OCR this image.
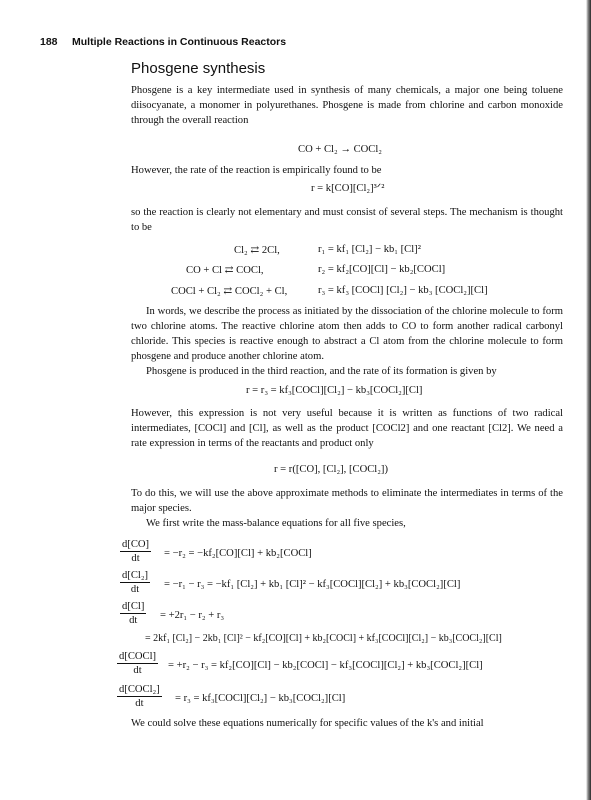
188 Multiple Reactions in Continuous Reactors
Phosgene synthesis

Phosgene is a key intermediate used in synthesis of many chemicals, a major one being toluene diisocyanate, a monomer in polyurethanes. Phosgene is made from chlorine and carbon monoxide through the overall reaction

CO + Cl₂ → COCl₂

However, the rate of the reaction is empirically found to be

r = k[CO][Cl₂]³ᐟ²

so the reaction is clearly not elementary and must consist of several steps. The mechanism is thought to be

Cl₂ ⇄ 2Cl,	r₁ = kf₁ [Cl₂] − kb₁ [Cl]²
CO + Cl ⇄ COCl,	r₂ = kf₂[CO][Cl] − kb₂[COCl]
COCl + Cl₂ ⇄ COCl₂ + Cl,	r₃ = kf₃ [COCl] [Cl₂] − kb₃ [COCl₂][Cl]

In words, we describe the process as initiated by the dissociation of the chlorine molecule to form two chlorine atoms. The reactive chlorine atom then adds to CO to form another radical carbonyl chloride. This species is reactive enough to abstract a Cl atom from the chlorine molecule to form phosgene and produce another chlorine atom.

Phosgene is produced in the third reaction, and the rate of its formation is given by

r = r₃ = kf₃[COCl][Cl₂] − kb₃[COCl₂][Cl]

However, this expression is not very useful because it is written as functions of two radical intermediates, [COCl] and [Cl], as well as the product [COCl2] and one reactant [Cl2]. We need a rate expression in terms of the reactants and product only

r = r([CO], [Cl₂], [COCl₂])

To do this, we will use the above approximate methods to eliminate the intermediates in terms of the major species.

We first write the mass-balance equations for all five species,

$\frac{d[CO]}{dt} = -r_2 = -kf_2[CO][Cl]$ + kb₂[COCl]
$\frac{\text{d[Cl₂]}}{dt} = -r_1 - r_3 = -kf_1$ [Cl₂] + kb₁ [Cl]² − kf₃[COCl][Cl₂] + kb₃[COCl₂][Cl]
$\frac{d[Cl]}{dt} = +2r_1 - r_2 + r_3$
= 2kf₁ [Cl₂] − 2kb₁ [Cl]² − kf₂[CO][Cl] + kb₂[COCl] + kf₃[COCl][Cl₂] − kb₃[COCl₂][Cl]
d[COCl]
dt	= +r₂ − r₃ = kf₂[CO][Cl] − kb₂[COCl] − kf₃[COCl][Cl₂] + kb₃[COCl₂][Cl]
d[COCl₂]
dt	= r₃ = kf₃[COCl][Cl₂] − kb₃[COCl₂][Cl]

We could solve these equations numerically for specific values of the k's and initial
